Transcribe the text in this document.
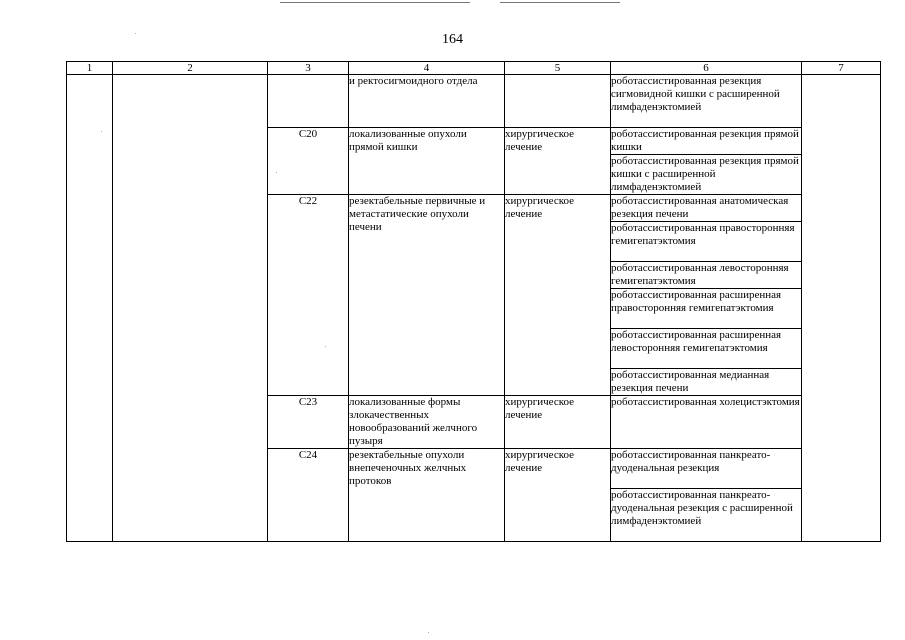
164
1	2	3	4	5	6	7
			и ректосигмоидного отдела		роботассистированная резекция сигмовидной кишки с расширенной лимфаденэктомией	
		C20	локализованные опухоли прямой кишки	хирургическое лечение	роботассистированная резекция прямой кишки	
					роботассистированная резекция прямой кишки с расширенной лимфаденэктомией	
		C22	резектабельные первичные и метастатические опухоли печени	хирургическое лечение	роботассистированная анатомическая резекция печени	
					роботассистированная правосторонняя гемигепатэктомия	
					роботассистированная левосторонняя гемигепатэктомия	
					роботассистированная расширенная правосторонняя гемигепатэктомия	
					роботассистированная расширенная левосторонняя гемигепатэктомия	
					роботассистированная медианная резекция печени	
		C23	локализованные формы злокачественных новообразований желчного пузыря	хирургическое лечение	роботассистированная холецистэктомия	
		C24	резектабельные опухоли внепеченочных желчных протоков	хирургическое лечение	роботассистированная панкреато-дуоденальная резекция	
					роботассистированная панкреато-дуоденальная резекция с расширенной лимфаденэктомией	
